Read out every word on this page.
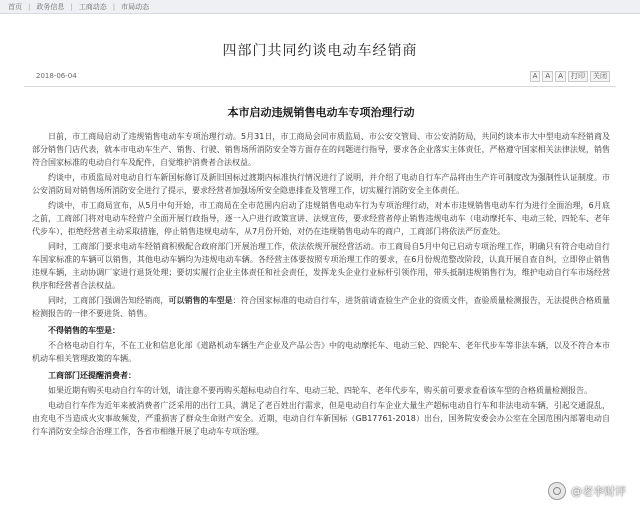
首页 | 政务信息 | 工商动态 | 市局动态
四部门共同约谈电动车经销商
2018-06-04	A	A	A	打印	关闭
本市启动违规销售电动车专项治理行动

日前，市工商局启动了违规销售电动车专项治理行动。5月31日，市工商局会同市质监局、市公安交管局、市公安消防局，共同约谈本市大中型电动车经销商及部分销售门店代表，就本市电动车生产、销售、行驶、销售场所消防安全等方面存在的问题进行指导，要求各企业落实主体责任，严格遵守国家相关法律法规，销售符合国家标准的电动自行车及配件，自觉维护消费者合法权益。

约谈中，市质监局对电动自行车新国标修订及新旧国标过渡期内标准执行情况进行了说明，并介绍了电动自行车产品将由生产许可制度改为强制性认证制度。市公安消防局对销售场所消防安全进行了提示，要求经营者加强场所安全隐患排查及管理工作，切实履行消防安全主体责任。

约谈中，市工商局宣布，从5月中旬开始，市工商局在全市范围内启动了违规销售电动车行为专项治理行动，对本市违规销售电动车行为进行全面治理，6月底之前，工商部门将对电动车经营户全面开展行政指导，逐一入户进行政策宣讲、法规宣传，要求经营者停止销售违规电动车（电动摩托车、电动三轮、四轮车、老年代步车），拒绝经营者主动采取措施，停止销售违规电动车，从7月份开始，对仍在违规销售电动车的商户，工商部门将依法严厉查处。

同时，工商部门要求电动车经销商积极配合政府部门开展治理工作，依法依规开展经营活动。市工商局自5月中旬已启动专项治理工作，明确只有符合电动自行车国家标准的车辆可以销售，其他电动车辆均为违规电动车辆。各经营主体要按照专项治理工作的要求，在6月份规范整改阶段，认真开展自查自纠，立即停止销售违规车辆，主动协调厂家进行退货处理；要切实履行企业主体责任和社会责任，发挥龙头企业行业标杆引领作用，带头抵制违规销售行为，维护电动自行车市场经营秩序和经营者合法权益。

同时，工商部门强调告知经销商，可以销售的车型是：符合国家标准的电动自行车，进货前请查验生产企业的资质文件，查验质量检测报告，无法提供合格质量检测报告的一律不要进货、销售。

不得销售的车型是：

不合格电动自行车，不在工业和信息化部《道路机动车辆生产企业及产品公告》中的电动摩托车、电动三轮、四轮车、老年代步车等非法车辆，以及不符合本市机动车相关管理政策的车辆。

工商部门还提醒消费者：

如果近期有购买电动自行车的计划，请注意不要再购买超标电动自行车、电动三轮、四轮车、老年代步车，购买前可要求查看该车型的合格质量检测报告。

电动自行车作为近年来被消费者广泛采用的出行工具，满足了老百姓出行需求，但是电动自行车企业大量生产超标电动自行车和非法电动车辆，引起交通混乱，由充电不当造成火灾事故频发，严重损害了群众生命财产安全。近期，电动自行车新国标（GB17761-2018）出台，国务院安委会办公室在全国范围内部署电动自行车消防安全综合治理工作，各省市相继开展了电动车专项治理。

@老李财评
